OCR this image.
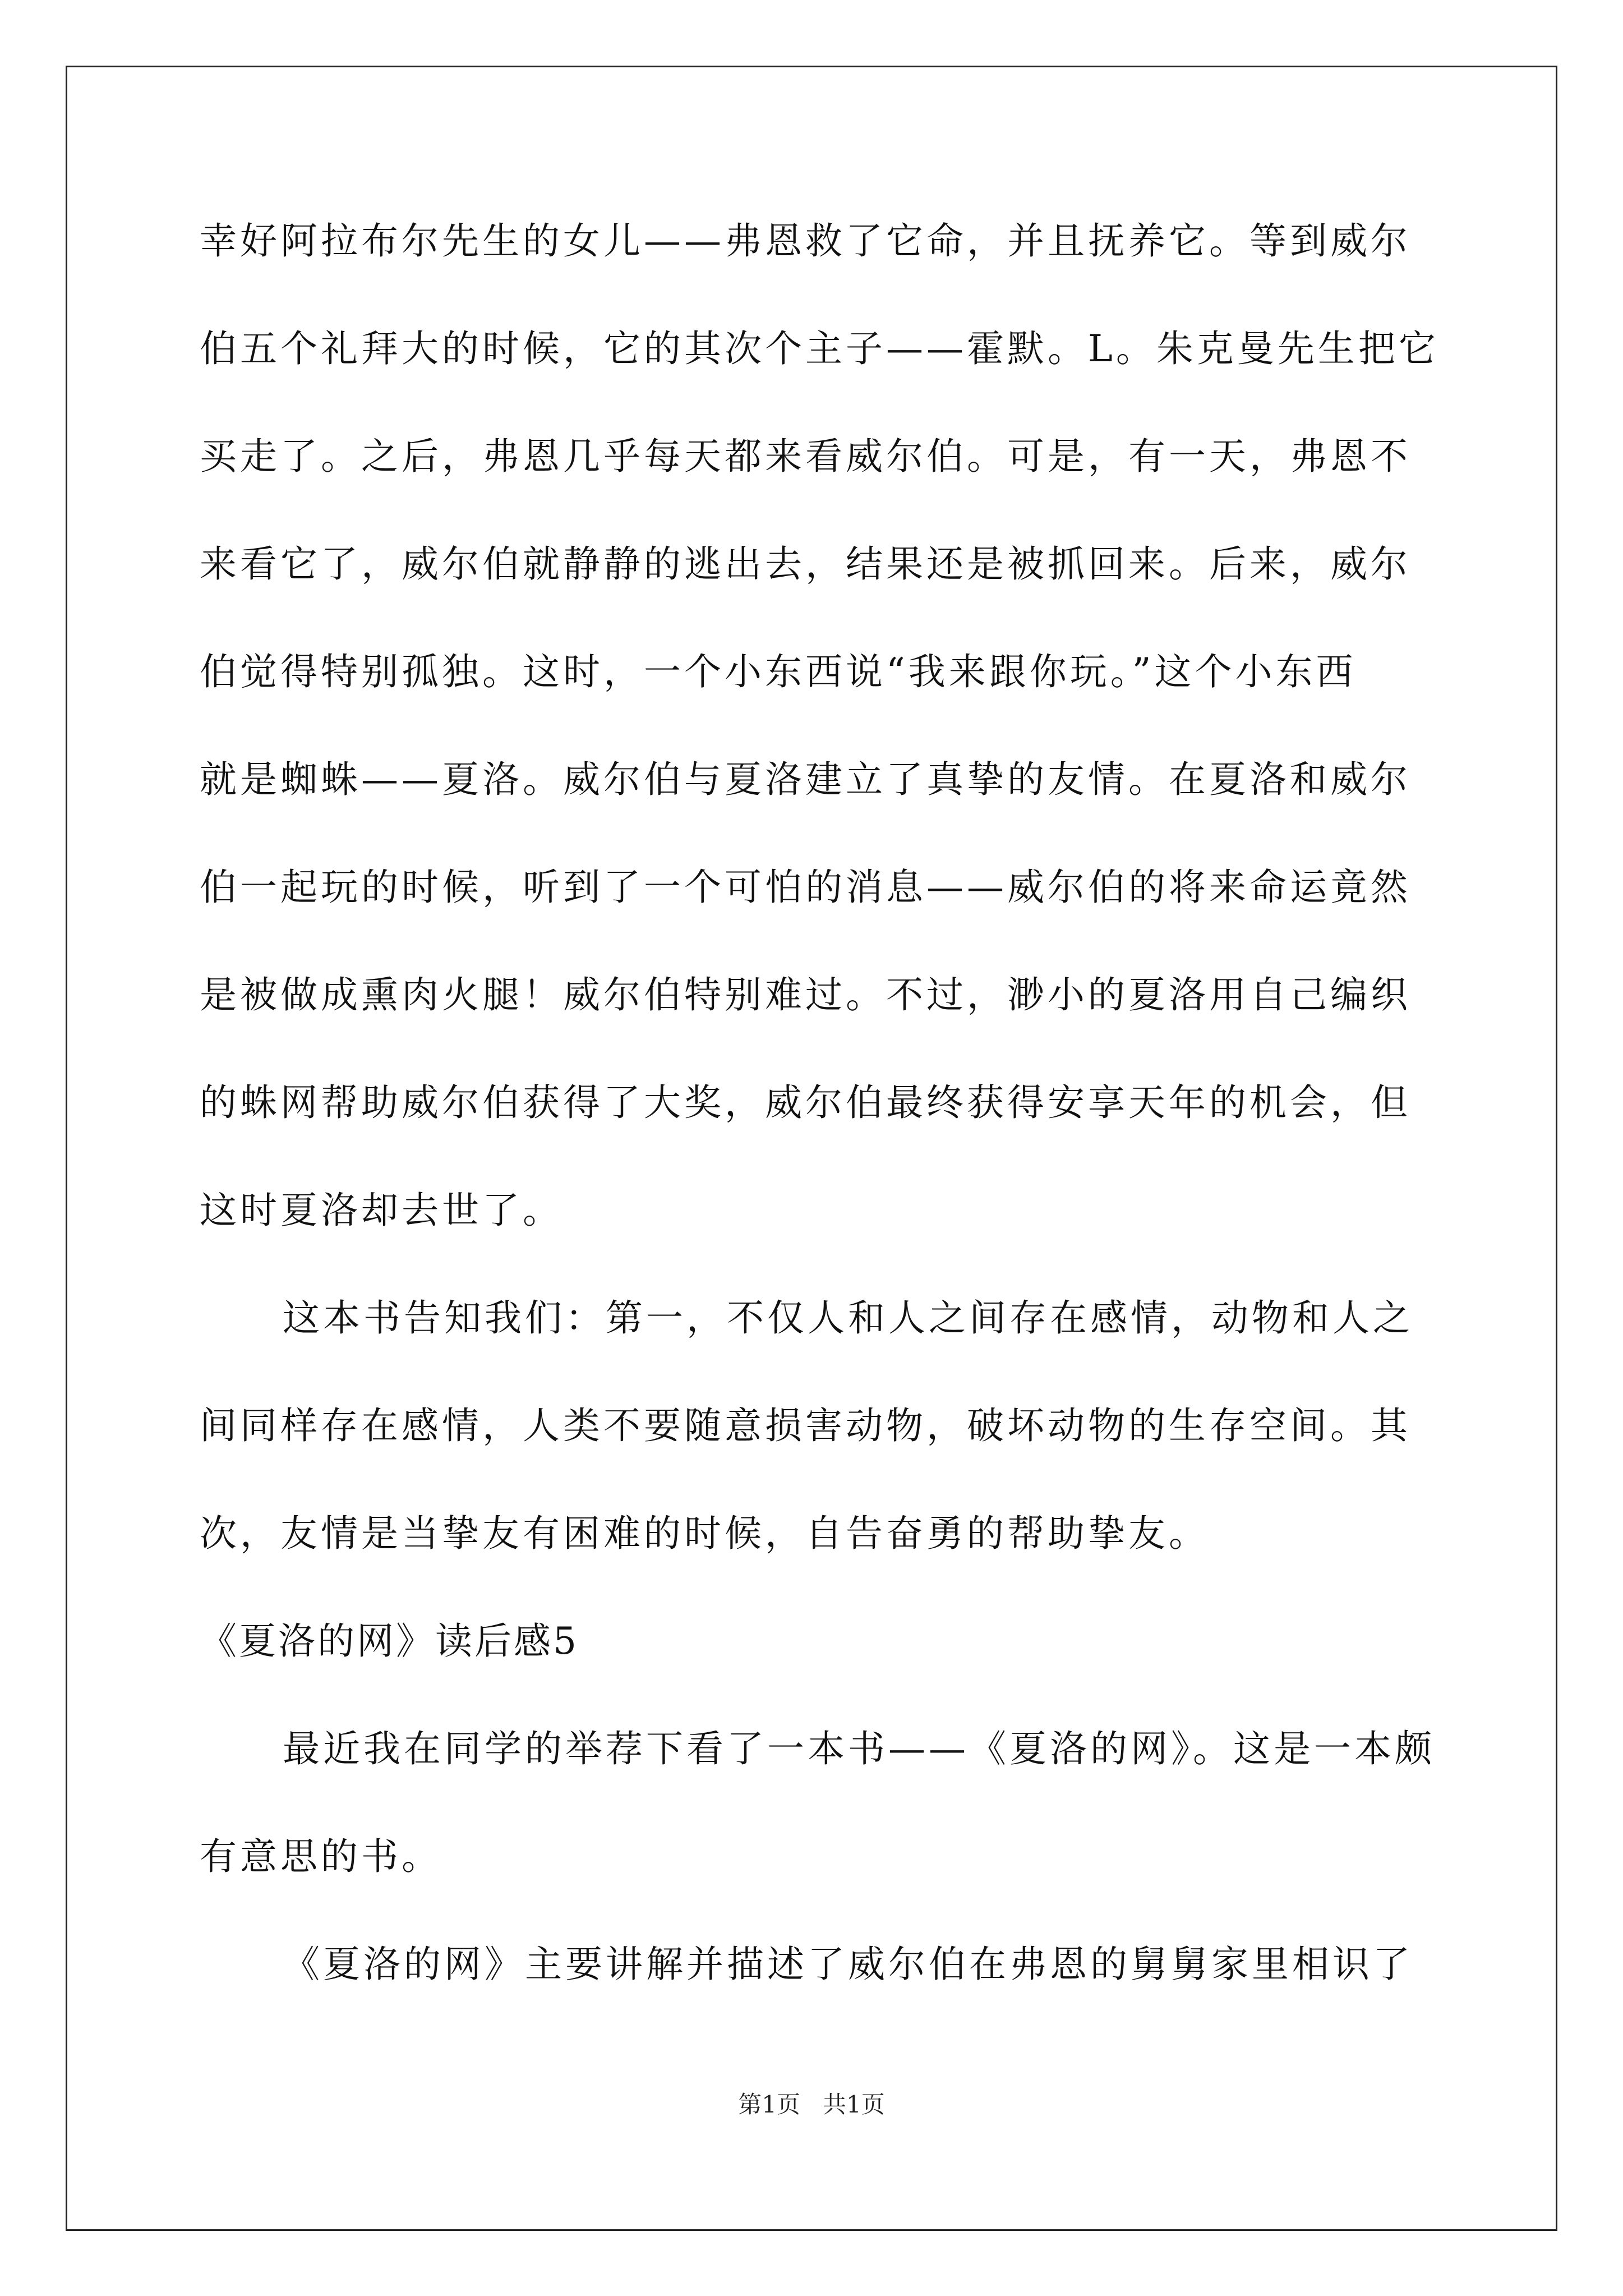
幸好阿拉布尔先生的女儿——弗恩救了它命，并且抚养它。等到威尔
伯五个礼拜大的时候，它的其次个主子——霍默。L。朱克曼先生把它
买走了。之后，弗恩几乎每天都来看威尔伯。可是，有一天，弗恩不
来看它了，威尔伯就静静的逃出去，结果还是被抓回来。后来，威尔
伯觉得特别孤独。这时，一个小东西说“我来跟你玩。”这个小东西
就是蜘蛛——夏洛。威尔伯与夏洛建立了真挚的友情。在夏洛和威尔
伯一起玩的时候，听到了一个可怕的消息——威尔伯的将来命运竟然
是被做成熏肉火腿！威尔伯特别难过。不过，渺小的夏洛用自己编织
的蛛网帮助威尔伯获得了大奖，威尔伯最终获得安享天年的机会，但
这时夏洛却去世了。
这本书告知我们：第一，不仅人和人之间存在感情，动物和人之
间同样存在感情，人类不要随意损害动物，破坏动物的生存空间。其
次，友情是当挚友有困难的时候，自告奋勇的帮助挚友。
《夏洛的网》读后感5
最近我在同学的举荐下看了一本书——《夏洛的网》。这是一本颇
有意思的书。
《夏洛的网》主要讲解并描述了威尔伯在弗恩的舅舅家里相识了
第1页   共1页
